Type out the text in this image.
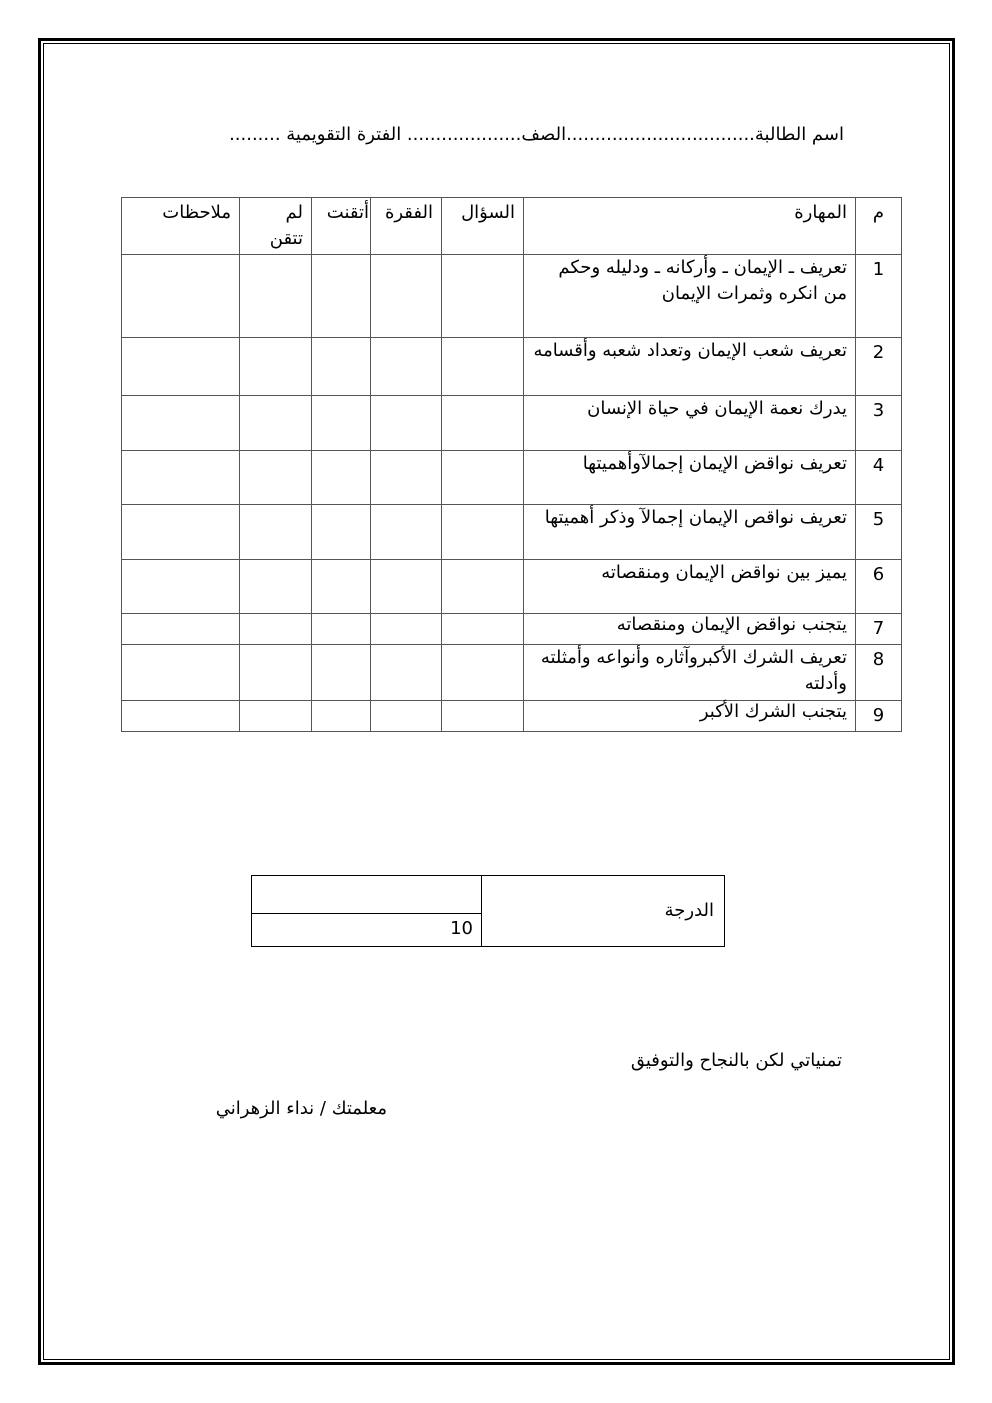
اسم الطالبة.................................الصف.................... الفترة التقويمية .........
م	المهارة	السؤال	الفقرة	أتقنت	لم تتقن	ملاحظات
1	تعريف ـ الإيمان ـ وأركانه ـ ودليله وحكم من انكره وثمرات الإيمان					
2	تعريف شعب الإيمان وتعداد شعبه وأقسامه					
3	يدرك نعمة الإيمان في حياة الإنسان					
4	تعريف نواقض الإيمان إجمالآوأهميتها					
5	تعريف نواقص الإيمان إجمالآ وذكر أهميتها					
6	يميز بين نواقض الإيمان ومنقصاته					
7	يتجنب نواقض الإيمان ومنقصاته					
8	تعريف الشرك الأكبروآثاره وأنواعه وأمثلته وأدلته					
9	يتجنب الشرك الأكبر					
الدرجة	
10
تمنياتي لكن بالنجاح والتوفيق
معلمتك / نداء الزهراني
